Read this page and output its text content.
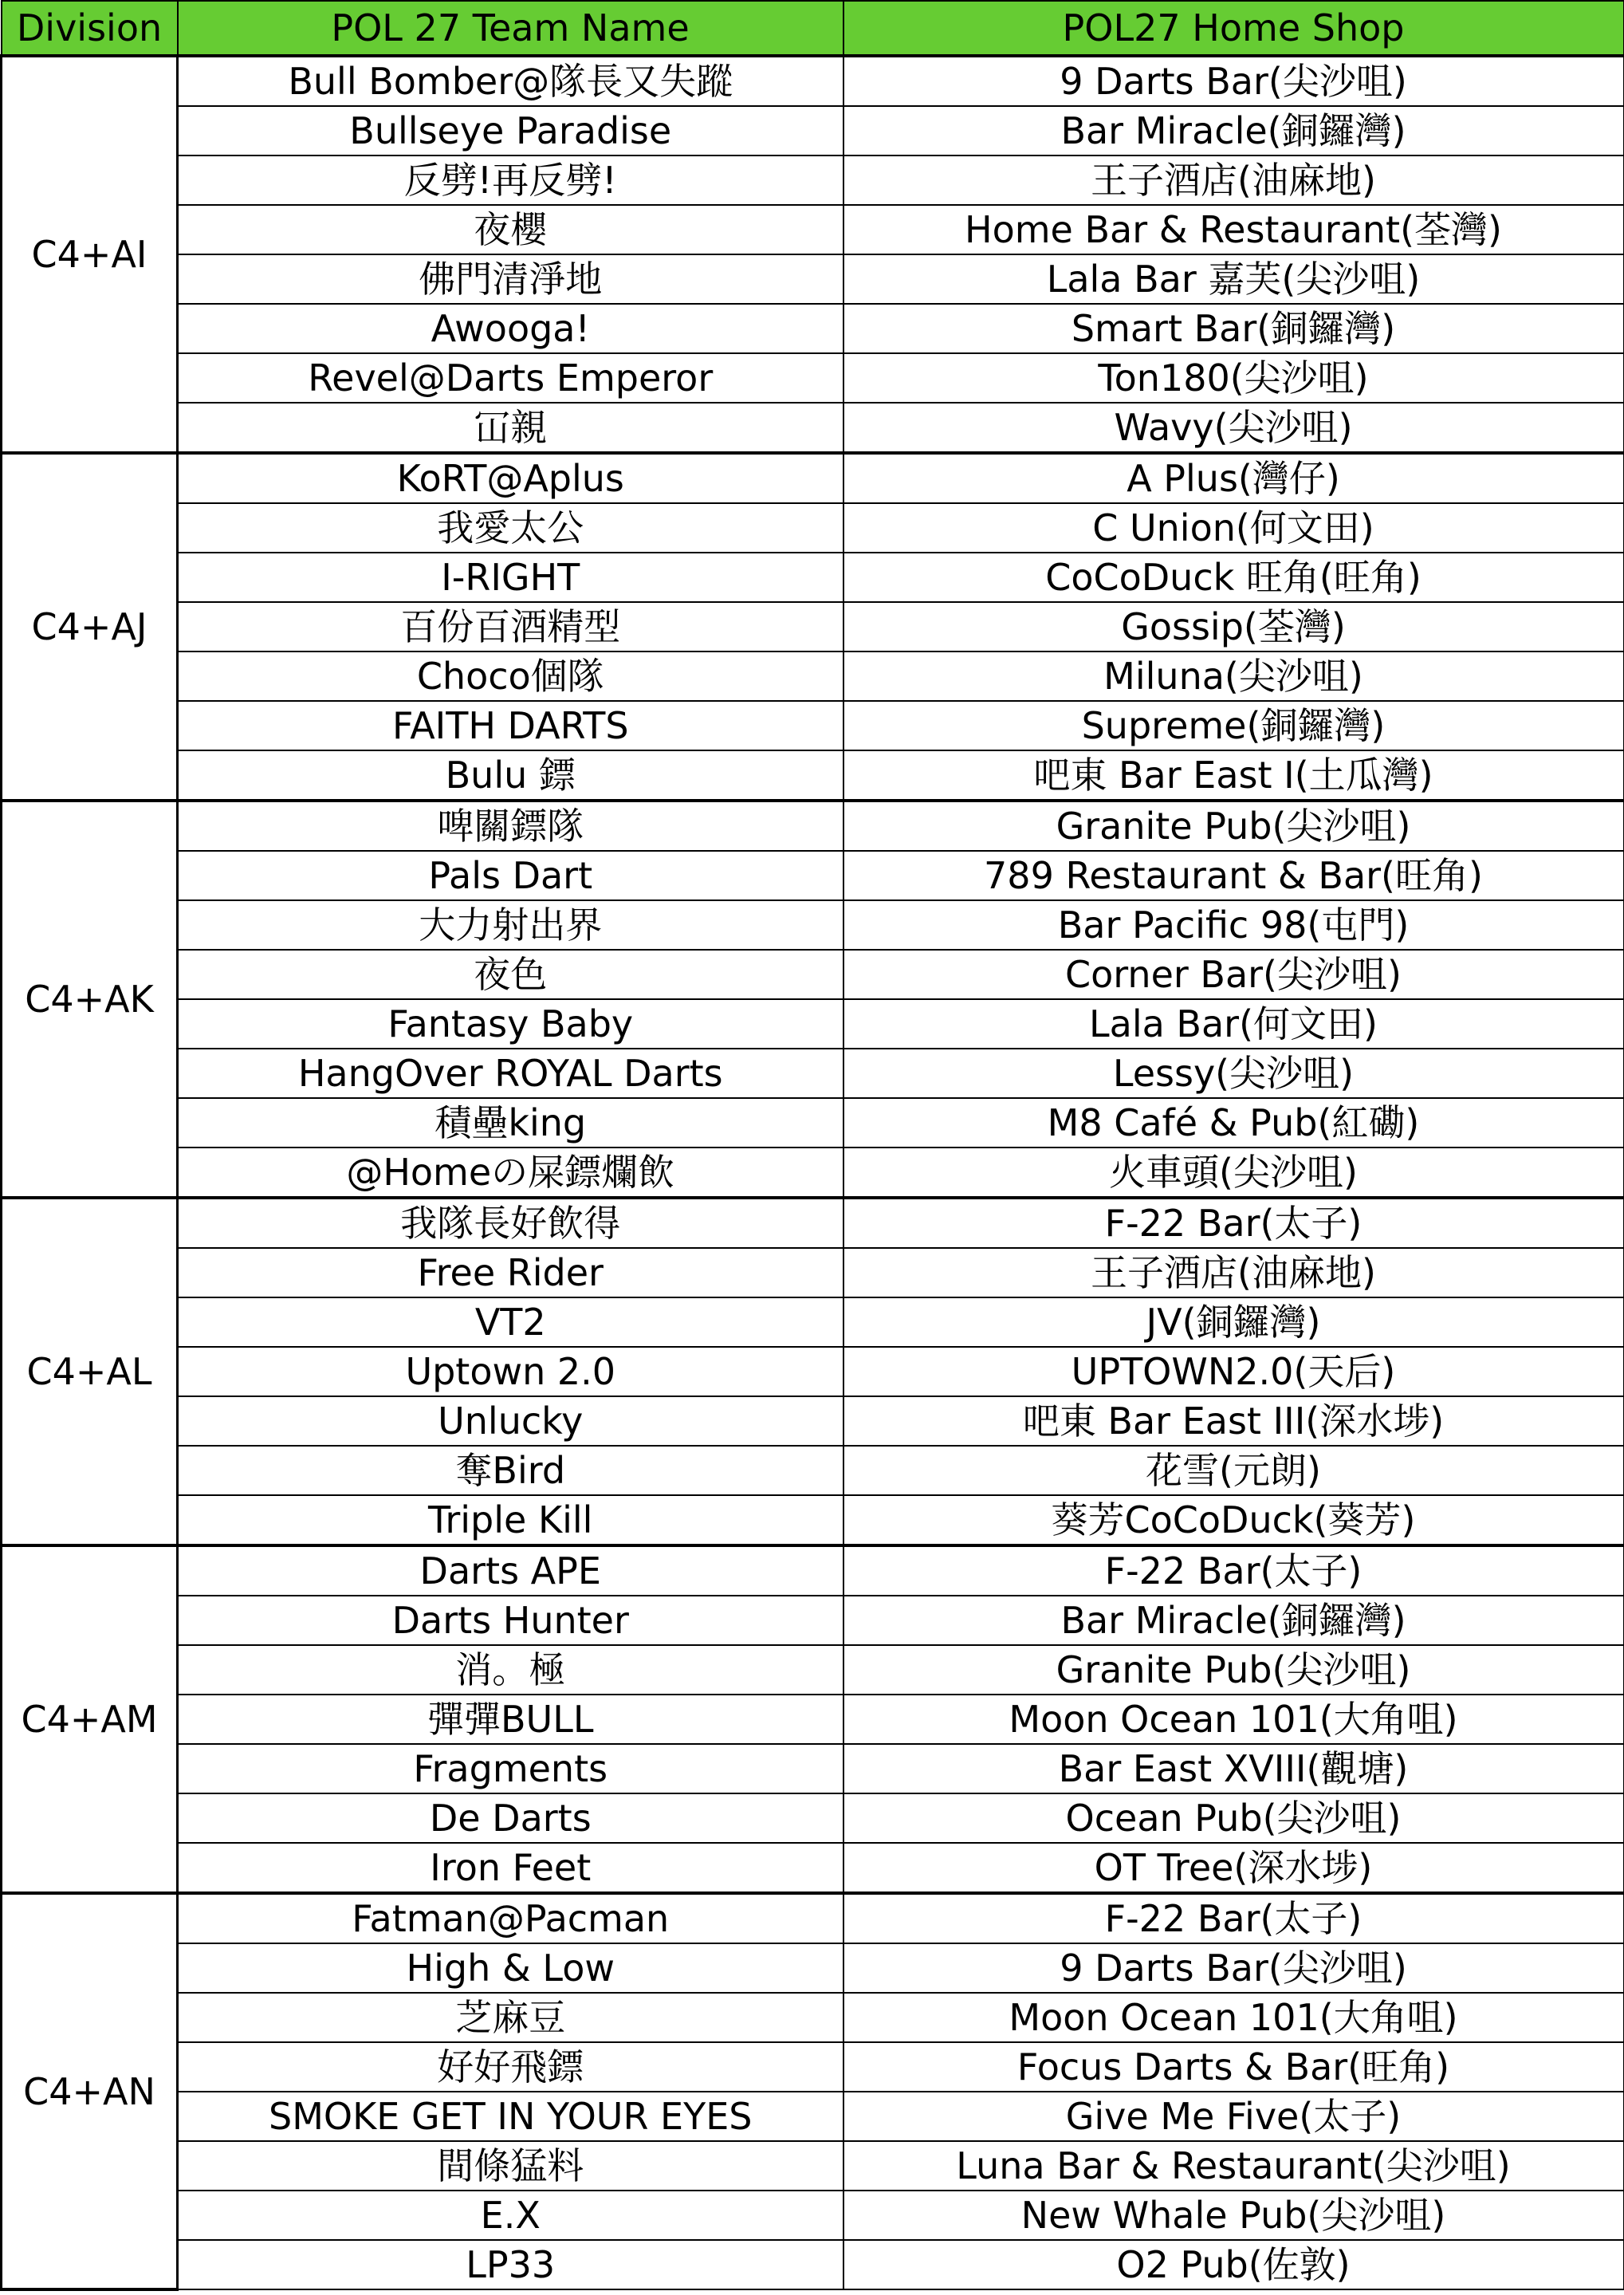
Division	POL 27 Team Name	POL27 Home Shop
C4+AI	Bull Bomber@隊長又失蹤	9 Darts Bar(尖沙咀)
	Bullseye Paradise	Bar Miracle(銅鑼灣)
	反劈!再反劈!	王子酒店(油麻地)
	夜櫻	Home Bar & Restaurant(荃灣)
	佛門清淨地	Lala Bar 嘉芙(尖沙咀)
	Awooga!	Smart Bar(銅鑼灣)
	Revel@Darts Emperor	Ton180(尖沙咀)
	冚親	Wavy(尖沙咀)
C4+AJ	KoRT@Aplus	A Plus(灣仔)
	我愛太公	C Union(何文田)
	I-RIGHT	CoCoDuck 旺角(旺角)
	百份百酒精型	Gossip(荃灣)
	Choco個隊	Miluna(尖沙咀)
	FAITH DARTS	Supreme(銅鑼灣)
	Bulu 鏢	吧東 Bar East I(土瓜灣)
C4+AK	啤關鏢隊	Granite Pub(尖沙咀)
	Pals Dart	789 Restaurant & Bar(旺角)
	大力射出界	Bar Pacific 98(屯門)
	夜色	Corner Bar(尖沙咀)
	Fantasy Baby	Lala Bar(何文田)
	HangOver ROYAL Darts	Lessy(尖沙咀)
	積壘king	M8 Café & Pub(紅磡)
	@Homeの屎鏢爛飲	火車頭(尖沙咀)
C4+AL	我隊長好飲得	F-22 Bar(太子)
	Free Rider	王子酒店(油麻地)
	VT2	JV(銅鑼灣)
	Uptown 2.0	UPTOWN2.0(天后)
	Unlucky	吧東 Bar East III(深水埗)
	奪Bird	花雪(元朗)
	Triple Kill	葵芳CoCoDuck(葵芳)
C4+AM	Darts APE	F-22 Bar(太子)
	Darts Hunter	Bar Miracle(銅鑼灣)
	消。極	Granite Pub(尖沙咀)
	彈彈BULL	Moon Ocean 101(大角咀)
	Fragments	Bar East XVIII(觀塘)
	De Darts	Ocean Pub(尖沙咀)
	Iron Feet	OT Tree(深水埗)
C4+AN	Fatman@Pacman	F-22 Bar(太子)
	High & Low	9 Darts Bar(尖沙咀)
	芝麻豆	Moon Ocean 101(大角咀)
	好好飛鏢	Focus Darts & Bar(旺角)
	SMOKE GET IN YOUR EYES	Give Me Five(太子)
	間條猛料	Luna Bar & Restaurant(尖沙咀)
	E.X	New Whale Pub(尖沙咀)
	LP33	O2 Pub(佐敦)
